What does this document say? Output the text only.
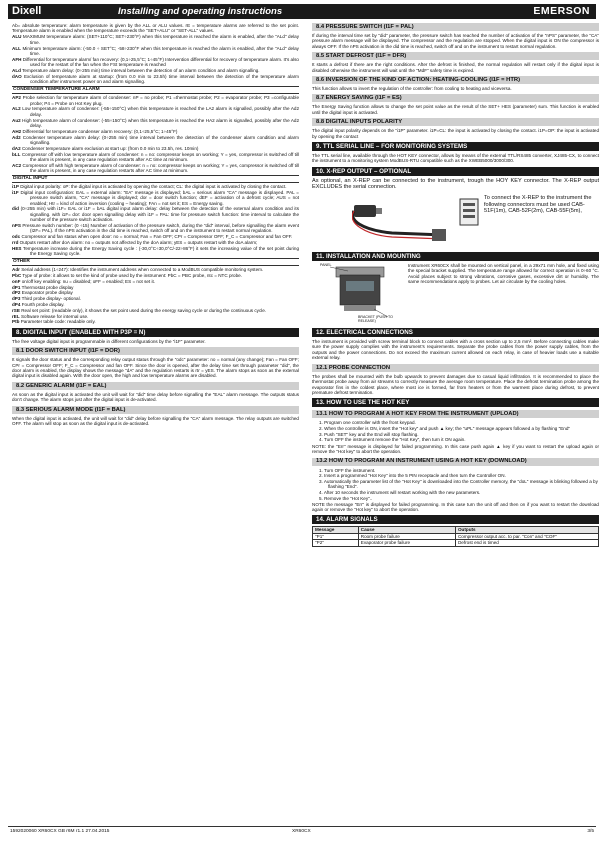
Dixell	Installing and operating instructions	EMERSON
Ab= absolute temperature: alarm temperature is given by the ALL or ALU values. rE = temperature alarms are referred to the set point. Temperature alarm is enabled when the temperature exceeds the "SET+ALU" or "SET-ALL" values.
ALU MAXIMUM temperature alarm: (SET+110°C; SET÷230°F) when this temperature is reached the alarm is enabled, after the "ALd" delay time.
ALL Minimum temperature alarm: (-50.0 ÷ SET°C; -58÷230°F when this temperature is reached the alarm is enabled, after the "ALd" delay time.
AFH Differential for temperature alarm/ fan recovery: (0,1÷25,5°C; 1÷45°F) Intervention differential for recovery of temperature alarm. It's also used for the restart of the fan when the FSt temperature is reached
ALd Temperature alarm delay: (0÷255 min) time interval between the detection of an alarm condition and alarm signalling.
dAO Exclusion of temperature alarm at startup: (from 0.0 min to 23.5h) time interval between the detection of the temperature alarm condition after instrument power on and alarm signalling.
CONDENSER TEMPERATURE ALARM
AP2 Probe selection for temperature alarm of condenser: nP = no probe; P1 =thermostat probe; P2 = evaporator probe; P3 =configurable probe; P4 = Probe on Hot Key plug.
AL2 Low temperature alarm of condenser: (-55÷150°C) when this temperature is reached the LA2 alarm is signalled, possibly after the Ad2 delay.
Au2 High temperature alarm of condenser: (-55÷150°C) when this temperature is reached the HA2 alarm is signalled, possibly after the Ad2 delay.
AH2 Differential for temperature condenser alarm recovery: (0,1÷25,5°C; 1÷45°F)
Ad2 Condenser temperature alarm delay: (0÷255 min) time interval between the detection of the condenser alarm condition and alarm signalling.
dA2 Condenser temperature alarm exclusion at start up: (from 0.0 min to 23.5h, res. 10min)
bLL Compressor off with low temperature alarm of condenser: n = no: compressor keeps on working; Y = yes, compressor is switched off till the alarm is present, in any case regulation restarts after AC time at minimum.
AC2 Compressor off with high temperature alarm of condenser: n = no: compressor keeps on working; Y = yes, compressor is switched off till the alarm is present, in any case regulation restarts after AC time at minimum.
DIGITAL INPUT
i1P Digital input polarity: oP: the digital input is activated by opening the contact; CL: the digital input is activated by closing the contact.
i1F Digital input configuration: EAL = external alarm: "EA" message is displayed; bAL = serious alarm "CA" message is displayed. PAL = pressure switch alarm, "CA" message is displayed; dor = door switch function; dEF = activation of a defrost cycle; AUS = not enabled; Htr = kind of action inversion (cooling – heating); FAn = not set it; ES = Energy saving.
did (0÷255 min) with i1F= EAL or i1F = bAL digital input alarm delay: delay between the detection of the external alarm condition and its signalling. with i1F= dor: door open signalling delay with i1F = PAL: time for pressure switch function: time interval to calculate the number of the pressure switch activation.
nPS Pressure switch number: (0 ÷15) Number of activation of the pressure switch, during the "did" interval, before signalling the alarm event (I2F= PAL). If the nPS activation in the did time is reached, switch off and on the instrument to restart normal regulation.
odc Compressor and fan status when open door: no = normal; Fan = Fan OFF; CPr = Compressor OFF; F_C = Compressor and fan OFF.
rrd Outputs restart after doA alarm: no = outputs not affected by the doA alarm; yES = outputs restart with the doA alarm;
HES Temperature increase during the Energy Saving cycle : (-30,0°C÷30,0°C/-22÷86°F) it sets the increasing value of the set point during the Energy Saving cycle.
OTHER
Adr Serial address (1÷247): Identifies the instrument address when connected to a ModBUS compatible monitoring system.
PbC Type of probe: it allows to set the kind of probe used by the instrument: PbC = PBC probe, ntc = NTC probe.
onF on/off key enabling: nu = disabled; oFF = enabled; ES = not set it.
dP1 Thermostat probe display
dP2 Evaporator probe display
dP3 Third probe display- optional.
dP4 Fourth probe display.
rSE Real set point: (readable only), it shows the set point used during the energy saving cycle or during the continuous cycle.
rEL Software release for internal use.
Ptb Parameter table code: readable only.
8. DIGITAL INPUT (ENABLED WITH P3P = N)
The free voltage digital input is programmable in different configurations by the "i1F" parameter.
8.1 DOOR SWITCH INPUT (I1F = DOR)
It signals the door status and the corresponding relay output status through the "odc" parameter: no = normal (any change); Fan = Fan OFF; CPr = Compressor OFF; F_C = Compressor and fan OFF. Since the door is opened, after the delay time set through parameter "did", the door alarm is enabled, the display shows the message "dA" and the regulation restarts is rtr = yES. The alarm stops as soon as the external digital input is disabled again. With the door open, the high and low temperature alarms are disabled.
8.2 GENERIC ALARM (I1F = EAL)
As soon as the digital input is activated the unit will wait for "did" time delay before signalling the "EAL" alarm message. The outputs status don't change. The alarm stops just after the digital input is de-activated.
8.3 SERIOUS ALARM MODE (I1F = BAL)
When the digital input is activated, the unit will wait for "did" delay before signalling the "CA" alarm message. The relay outputs are switched OFF. The alarm will stop as soon as the digital input is de-activated.
8.4 PRESSURE SWITCH (I1F = PAL)
If during the interval time set by "did" parameter, the pressure switch has reached the number of activation of the "nPS" parameter, the "CA" pressure alarm message will be displayed. The compressor and the regulation are stopped. When the digital input is ON the compressor is always OFF. If the nPS activation in the did time is reached, switch off and on the instrument to restart normal regulation.
8.5 START DEFROST (I1F = DFR)
It starts a defrost if there are the right conditions. After the defrost is finished, the normal regulation will restart only if the digital input is disabled otherwise the instrument will wait until the "MdF" safety time is expired.
8.6 INVERSION OF THE KIND OF ACTION: HEATING-COOLING (I1F = HTR)
This function allows to invert the regulation of the controller: from cooling to heating and viceversa.
8.7 ENERGY SAVING (I1F = ES)
The Energy Saving function allows to change the set point value as the result of the SET+ HES (parameter) sum. This function is enabled until the digital input is activated.
8.8 DIGITAL INPUTS POLARITY
The digital input polarity depends on the "i1P" parameter. i1P=CL: the input is activated by closing the contact. i1P=OP: the input is activated by opening the contact
9. TTL SERIAL LINE – FOR MONITORING SYSTEMS
The TTL serial line, available through the HOT KEY connector, allows by means of the external TTL/RS485 converter, XJ485-CX, to connect the instrument to a monitoring system ModBUS-RTU compatible such as the XWEB5000/3000/300.
10. X-REP OUTPUT – OPTIONAL
As optional, an X-REP can be connected to the instrument, trough the HOY KEY connector. The X-REP output EXCLUDES the serial connection.
To connect the X-REP to the instrument the following connectors must be used CAB-51F(1m), CAB-52F(2m), CAB-55F(5m),
11. INSTALLATION AND MOUNTING
PANEL
BRACKET (PUSH TO RELEASE)
Instrument XR60CX shall be mounted on vertical panel, in a 29x71 mm hole, and fixed using the special bracket supplied. The temperature range allowed for correct operation is 0÷60 °C. Avoid places subject to strong vibrations, corrosive gases, excessive dirt or humidity. The same recommendations apply to probes. Let air circulate by the cooling holes.
12. ELECTRICAL CONNECTIONS
The instrument is provided with screw terminal block to connect cables with a cross section up to 2,5 mm². Before connecting cables make sure the power supply complies with the instrument's requirements. Separate the probe cables from the power supply cables, from the outputs and the power connections. Do not exceed the maximum current allowed on each relay, in case of heavier loads use a suitable external relay.
12.1 PROBE CONNECTION
The probes shall be mounted with the bulb upwards to prevent damages due to casual liquid infiltration. It is recommended to place the thermostat probe away from air streams to correctly measure the average room temperature. Place the defrost termination probe among the evaporator fins in the coldest place, where most ice is formed, far from heaters or from the warmest place during defrost, to prevent premature defrost termination.
13. HOW TO USE THE HOT KEY
13.1 HOW TO PROGRAM A HOT KEY FROM THE INSTRUMENT (UPLOAD)
1. Program one controller with the front keypad.
2. When the controller is ON, insert the "Hot key" and push ▲ key; the "uPL" message appears followed a by flashing "End"
3. Push "SET" key and the End will stop flashing.
4. Turn OFF the instrument remove the "Hot Key", then turn it ON again.
NOTE: the "Err" message is displayed for failed programming. In this case push again ▲ key if you want to restart the upload again or remove the "Hot key" to abort the operation.
13.2 HOW TO PROGRAM AN INSTRUMENT USING A HOT KEY (DOWNLOAD)
1. Turn OFF the instrument.
2. Insert a programmed "Hot Key" into the 5 PIN receptacle and then turn the Controller ON.
3. Automatically the parameter list of the "Hot Key" is downloaded into the Controller memory, the "doL" message is blinking followed a by flashing "End".
4. After 10 seconds the instrument will restart working with the new parameters.
5. Remove the "Hot Key"..
NOTE the message "Err" is displayed for failed programming. In this case turn the unit off and then on if you want to restart the download again or remove the "Hot key" to abort the operation.
14. ALARM SIGNALS
Message	Cause	Outputs
"P1"	Room probe failure	Compressor output acc. to par. "Con" and "COF"
"P2"	Evaporator probe failure	Defrost end is timed
1592020060 XR60CX GB r6M r1.1 27.04.2015	XR60CX	3/5
